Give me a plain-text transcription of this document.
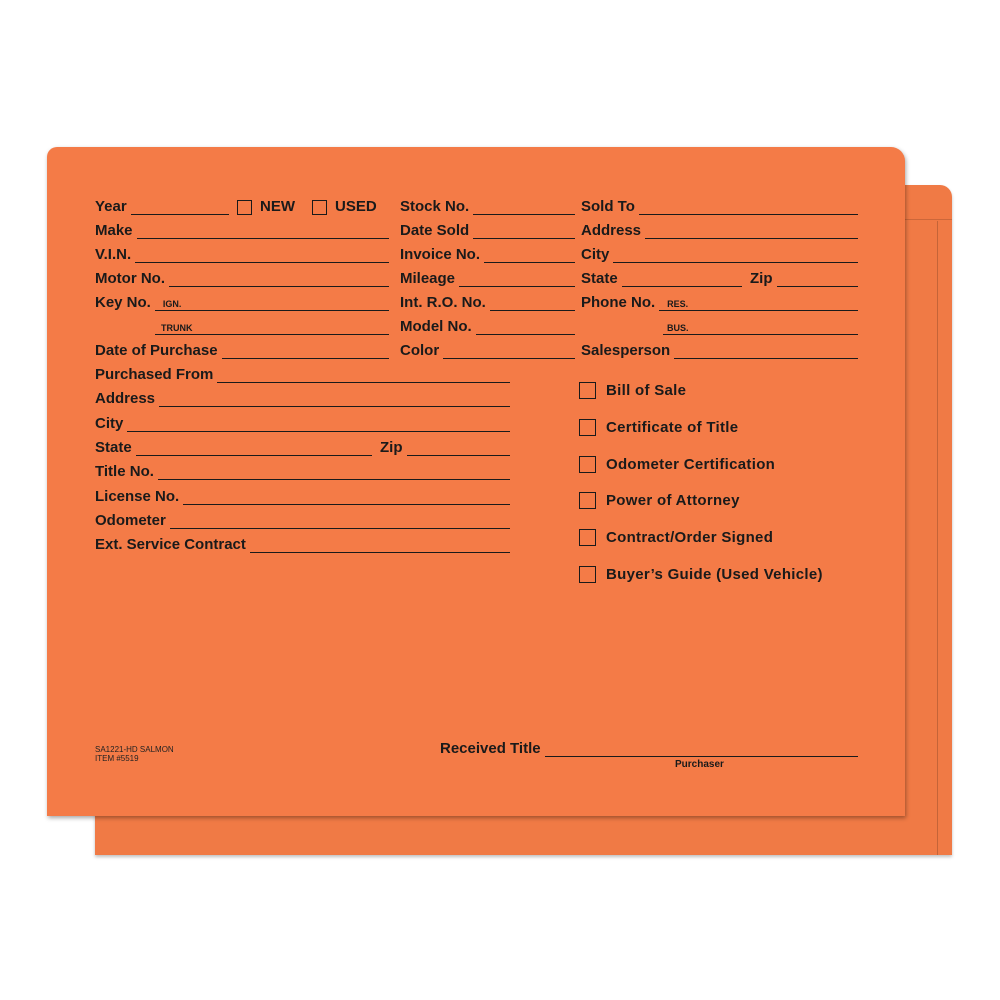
Year	NEW	USED Stock No.	Sold To
Make	Date Sold	Address
V.I.N.	Invoice No.	City
Motor No.	Mileage	State	Zip
Key No. IGN.	Int. R.O. No.	Phone No. RES.
TRUNK	Model No.	BUS.
Date of Purchase	Color	Salesperson
Purchased From
Address
City
State	Zip
Title No.
License No.
Odometer
Ext. Service Contract
Bill of Sale
Certificate of Title
Odometer Certification
Power of Attorney
Contract/Order Signed
Buyer’s Guide (Used Vehicle)
SA1221-HD SALMON
ITEM #5519
Received Title
Purchaser
